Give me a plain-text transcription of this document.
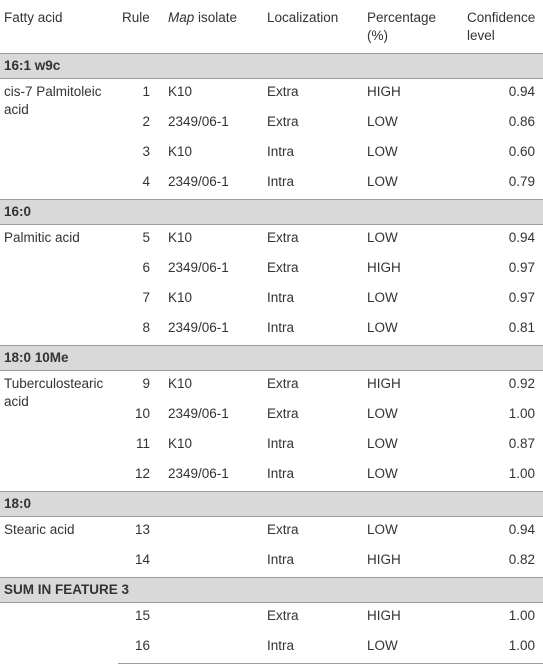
Fatty acid	Rule	Map isolate	Localization	Percentage (%)	Confidence level
16:1 w9c					
cis-7 Palmitoleic acid	1	K10	Extra	HIGH	0.94
	2	2349/06-1	Extra	LOW	0.86
	3	K10	Intra	LOW	0.60
	4	2349/06-1	Intra	LOW	0.79
16:0					
Palmitic acid	5	K10	Extra	LOW	0.94
	6	2349/06-1	Extra	HIGH	0.97
	7	K10	Intra	LOW	0.97
	8	2349/06-1	Intra	LOW	0.81
18:0 10Me					
Tuberculostearic acid	9	K10	Extra	HIGH	0.92
	10	2349/06-1	Extra	LOW	1.00
	11	K10	Intra	LOW	0.87
	12	2349/06-1	Intra	LOW	1.00
18:0					
Stearic acid	13		Extra	LOW	0.94
	14		Intra	HIGH	0.82
SUM IN FEATURE 3					
	15		Extra	HIGH	1.00
	16		Intra	LOW	1.00
